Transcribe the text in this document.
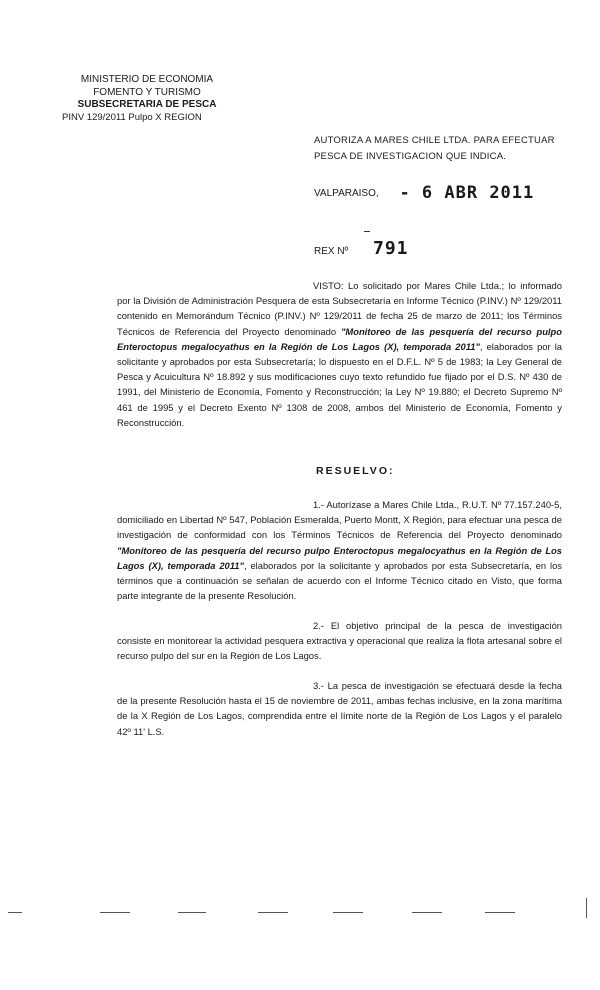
MINISTERIO DE ECONOMIA
FOMENTO Y TURISMO
SUBSECRETARIA DE PESCA
PINV 129/2011 Pulpo X REGION
AUTORIZA A MARES CHILE LTDA. PARA EFECTUAR
PESCA DE INVESTIGACION QUE INDICA.
VALPARAISO, - 6 ABR 2011
REX Nº 791
VISTO: Lo solicitado por Mares Chile Ltda.; lo informado por la División de Administración Pesquera de esta Subsecretaría en Informe Técnico (P.INV.) Nº 129/2011 contenido en Memorándum Técnico (P.INV.) Nº 129/2011 de fecha 25 de marzo de 2011; los Términos Técnicos de Referencia del Proyecto denominado "Monitoreo de las pesquería del recurso pulpo Enteroctopus megalocyathus en la Región de Los Lagos (X), temporada 2011", elaborados por la solicitante y aprobados por esta Subsecretaría; lo dispuesto en el D.F.L. Nº 5 de 1983; la Ley General de Pesca y Acuicultura Nº 18.892 y sus modificaciones cuyo texto refundido fue fijado por el D.S. Nº 430 de 1991, del Ministerio de Economía, Fomento y Reconstrucción; la Ley Nº 19.880; el Decreto Supremo Nº 461 de 1995 y el Decreto Exento Nº 1308 de 2008, ambos del Ministerio de Economía, Fomento y Reconstrucción.
RESUELVO:
1.- Autorízase a Mares Chile Ltda., R.U.T. Nº 77.157.240-5, domiciliado en Libertad Nº 547, Población Esmeralda, Puerto Montt, X Región, para efectuar una pesca de investigación de conformidad con los Términos Técnicos de Referencia del Proyecto denominado "Monitoreo de las pesquería del recurso pulpo Enteroctopus megalocyathus en la Región de Los Lagos (X), temporada 2011", elaborados por la solicitante y aprobados por esta Subsecretaría, en los términos que a continuación se señalan de acuerdo con el Informe Técnico citado en Visto, que forma parte integrante de la presente Resolución.
2.- El objetivo principal de la pesca de investigación consiste en monitorear la actividad pesquera extractiva y operacional que realiza la flota artesanal sobre el recurso pulpo del sur en la Región de Los Lagos.
3.- La pesca de investigación se efectuará desde la fecha de la presente Resolución hasta el 15 de noviembre de 2011, ambas fechas inclusive, en la zona marítima de la X Región de Los Lagos, comprendida entre el límite norte de la Región de Los Lagos y el paralelo 42º 11' L.S.
